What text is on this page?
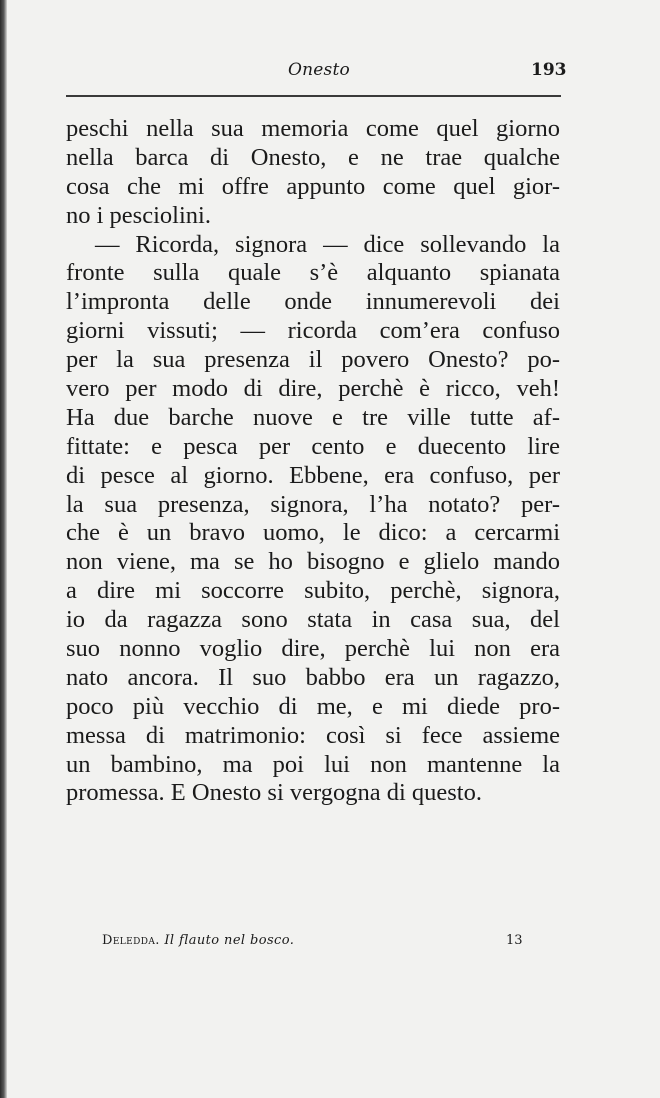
Onesto	193
peschi nella sua memoria come quel giorno
nella barca di Onesto, e ne trae qualche
cosa che mi offre appunto come quel gior-
no i pesciolini.
— Ricorda, signora — dice sollevando la
fronte sulla quale s’è alquanto spianata
l’impronta delle onde innumerevoli dei
giorni vissuti; — ricorda com’era confuso
per la sua presenza il povero Onesto? po-
vero per modo di dire, perchè è ricco, veh!
Ha due barche nuove e tre ville tutte af-
fittate: e pesca per cento e duecento lire
di pesce al giorno. Ebbene, era confuso, per
la sua presenza, signora, l’ha notato? per-
che è un bravo uomo, le dico: a cercarmi
non viene, ma se ho bisogno e glielo mando
a dire mi soccorre subito, perchè, signora,
io da ragazza sono stata in casa sua, del
suo nonno voglio dire, perchè lui non era
nato ancora. Il suo babbo era un ragazzo,
poco più vecchio di me, e mi diede pro-
messa di matrimonio: così si fece assieme
un bambino, ma poi lui non mantenne la
promessa. E Onesto si vergogna di questo.
Deledda. Il flauto nel bosco.	13
